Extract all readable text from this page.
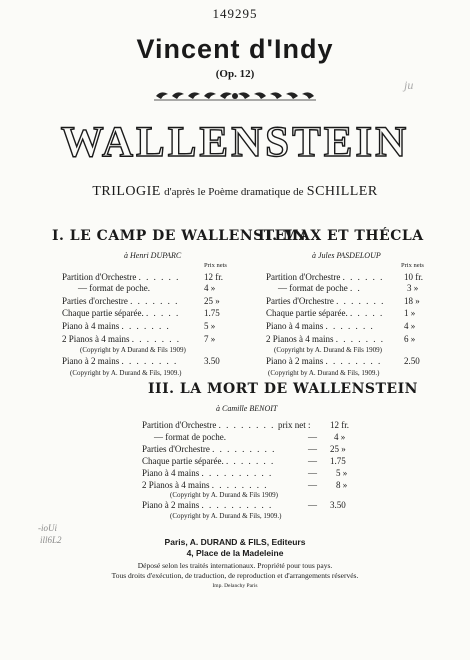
149295
ju
Vincent d'Indy
(Op. 12)
WALLENSTEIN
TRILOGIE d'après le Poème dramatique de SCHILLER
I. LE CAMP DE WALLENSTEIN
à Henri DUPARC
Prix nets
Partition d'Orchestre . . . . . .	12 fr.
— format de poche.	4 »
Parties d'orchestre . . . . . . .	25 »
Chaque partie séparée. . . . . .	1.75
Piano à 4 mains . . . . . . .	5 »
2 Pianos à 4 mains . . . . . . .	7 »
(Copyright by A Durand & Fils 1909)
Piano à 2 mains . . . . . . . .	3.50
(Copyright by A. Durand & Fils, 1909.)
II. MAX ET THÉCLA
à Jules PASDELOUP
Prix nets
Partition d'Orchestre . . . . . . 10 fr.
— format de poche . .	3 »
Parties d'Orchestre . . . . . . . 18 »
Chaque partie séparée. . . . . . 1 »
Piano à 4 mains . . . . . . .	4 »
2 Pianos à 4 mains . . . . . . . 6 »
(Copyright by A. Durand & Fils 1909)
Piano à 2 mains . . . . . . . . 2.50
(Copyright by A. Durand & Fils, 1909.)
III. LA MORT DE WALLENSTEIN
à Camille BENOIT
Partition d'Orchestre . . . . . . . . prix net : 12 fr.
— format de poche.	— 4 »
Parties d'Orchestre . . . . . . . . .	— 25 »
Chaque partie séparée. . . . . . . .	— 1.75
Piano à 4 mains . . . . . . . . . .	— 5 »
2 Pianos à 4 mains . . . . . . . .	— 8 »
(Copyright by A. Durand & Fils 1909)
Piano à 2 mains . . . . . . . . . .	— 3.50
(Copyright by A. Durand & Fils, 1909.)
-ioUi
ill6L2	Paris, A. DURAND & FILS, Editeurs
4, Place de la Madeleine
Déposé selon les traités internationaux. Propriété pour tous pays.
Tous droits d'exécution, de traduction, de reproduction et d'arrangements réservés.
Imp. Delanchy Paris
